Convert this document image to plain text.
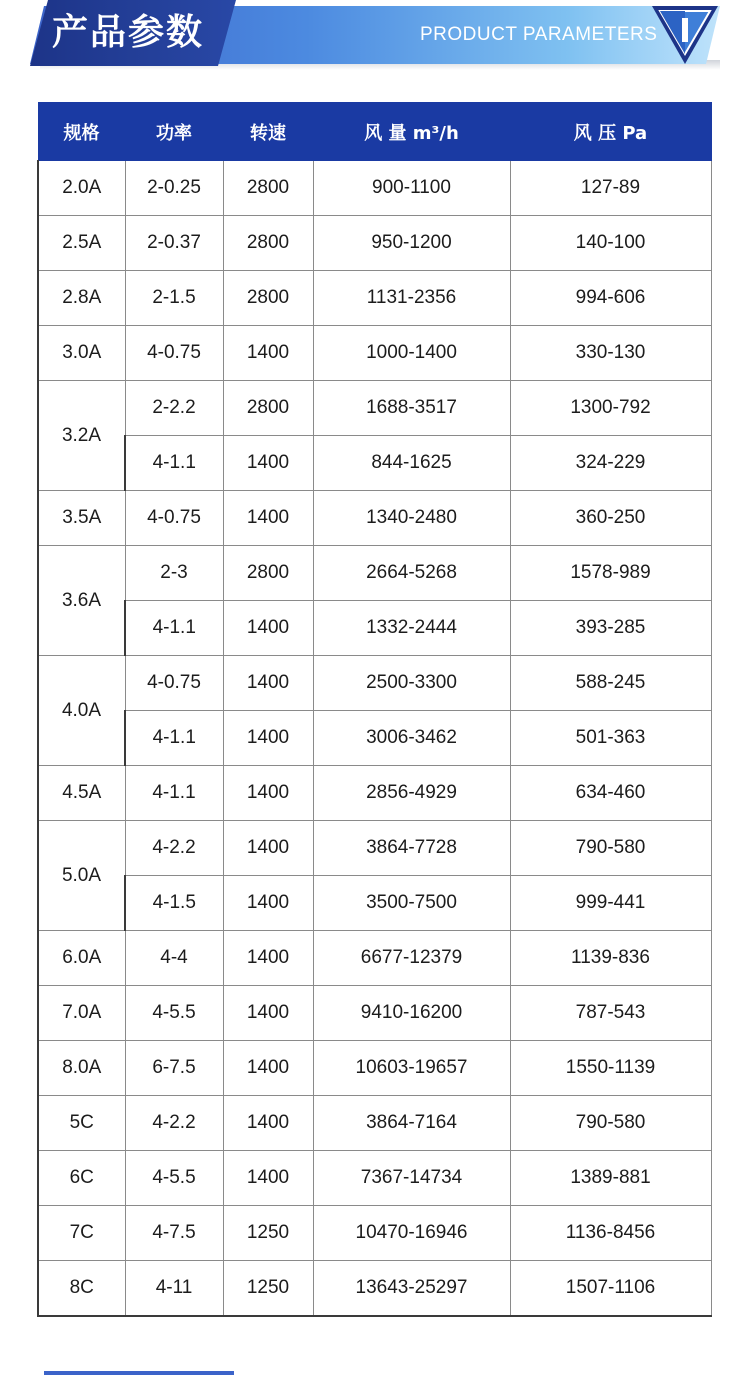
产品参数	PRODUCT PARAMETERS
规格	功率	转速	风 量 m³/h	风 压 Pa
2.0A	2-0.25	2800	900-1100	127-89
2.5A	2-0.37	2800	950-1200	140-100
2.8A	2-1.5	2800	1131-2356	994-606
3.0A	4-0.75	1400	1000-1400	330-130
3.2A	2-2.2	2800	1688-3517	1300-792
	4-1.1	1400	844-1625	324-229
3.5A	4-0.75	1400	1340-2480	360-250
3.6A	2-3	2800	2664-5268	1578-989
	4-1.1	1400	1332-2444	393-285
4.0A	4-0.75	1400	2500-3300	588-245
	4-1.1	1400	3006-3462	501-363
4.5A	4-1.1	1400	2856-4929	634-460
5.0A	4-2.2	1400	3864-7728	790-580
	4-1.5	1400	3500-7500	999-441
6.0A	4-4	1400	6677-12379	1139-836
7.0A	4-5.5	1400	9410-16200	787-543
8.0A	6-7.5	1400	10603-19657	1550-1139
5C	4-2.2	1400	3864-7164	790-580
6C	4-5.5	1400	7367-14734	1389-881
7C	4-7.5	1250	10470-16946	1136-8456
8C	4-11	1250	13643-25297	1507-1106
